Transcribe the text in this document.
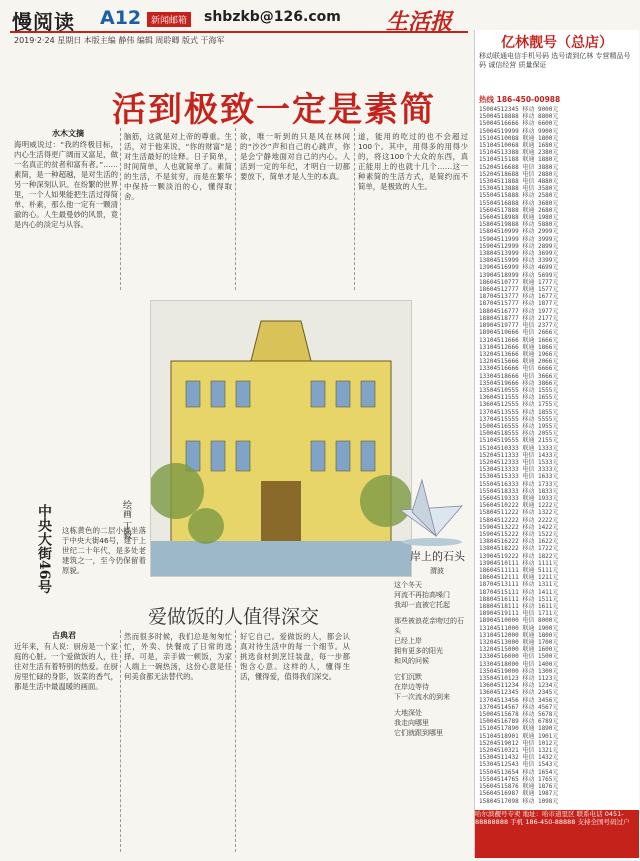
慢阅读 A12	新闻邮箱 shbzkb@126.com 生活报
2019·2·24 星期日 本版主编 静伟 编辑 周聆卿 版式 于海军
活到极致一定是素简
水木文摘
海明威说过：“我的终极目标，内心生活得更广阔而又富足，做一名真正的贫者和富有者。”……素简，是一种超越，是对生活的另一种深刻认识。在纷繁的世界里，一个人如果能把生活过得简单、朴素，那么他一定有一颗清澈的心。人生最曼妙的风景，竟是内心的淡定与从容。
脑筋，这就是对上帝的尊重。生活，对于他来说，“你的财富”是对生活最好的诠释。日子简单，时间简单，人也就简单了。素简的生活，不是贫穷，而是在繁华中保持一颗淡泊的心，懂得取舍。
欲，唯一听到的只是风在林间的“沙沙”声和自己的心跳声，你是会宁静地面对自己的内心。人活到一定的年纪，才明白一切都要放下，简单才是人生的本真。
道，能用的吃过的也不会超过100个。其中，用得多的用得少的，将这100个大众的东西，真正能用上的也就十几个……这一种素简的生活方式，是简约而不简单，是极致的人生。
中央大街46号	绘画 丁毅
这栋黄色的二层小楼坐落于中央大街46号，建于上世纪二十年代，是多处老建筑之一，至今仍保留着原貌。
岸上的石头
渭波
这个冬天
河流不再抬高嗓门
我却一直被它托起
那些被浪花亲吻过的石头
已经上岸
拥有更多的阳光
和风的问候
它们沉默
在岸边等待
下一次流水的到来
大地深处
我走向哪里
它们就跟到哪里
爱做饭的人值得深交
古典君
近年来，有人说：厨房是一个家庭的心脏。一个爱做饭的人，往往对生活有着特别的热爱。在厨房里忙碌的身影，饭菜的香气，都是生活中最温暖的画面。
然而很多时候，我们总是匆匆忙忙，外卖、快餐成了日常的选择。可是，亲手做一顿饭，为家人端上一碗热汤，这份心意是任何美食都无法替代的。
好它自己。爱做饭的人，都会认真对待生活中的每一个细节。从挑选食材到烹饪装盘，每一步都饱含心意。这样的人，懂得生活，懂得爱，值得我们深交。
亿林靓号（总店）
移动联通电信手机号码 选号请到亿林 专营精品号码 诚信经营 质量保证
热线 186-450-00988
15004512345 移动 9000元
15004518888 移动 8800元
15004516666 移动 6600元
15004519999 移动 9900元
15104510088 联通 1800元
15104510068 联通 1680元
15104513388 联通 2380元
15104515188 联通 1880元
15204516688 电信 3880元
15204518688 电信 2880元
15304511888 电信 4880元
15304513888 电信 3580元
15504515888 移动 2580元
15504516888 移动 3680元
15604517888 联通 2680元
15604518988 联通 1980元
15804519888 移动 5880元
15804510999 移动 2999元
15904511999 移动 3999元
15904512999 移动 2899元
13804513999 移动 3699元
13804515999 移动 3399元
13904516999 移动 4699元
13904518999 移动 5699元
18604510777 联通 1777元
18604512777 联通 1577元
18704513777 移动 1677元
18704515777 移动 1877元
18804516777 移动 1977元
18804518777 移动 2177元
18904519777 电信 2377元
18904510666 电信 2666元
13104511666 联通 1666元
13104512666 联通 1866元
13204513666 联通 1966元
13204515666 联通 2066元
13304516666 电信 6666元
13304518666 电信 3666元
13504519666 移动 3866元
13504510555 移动 1555元
13604511555 移动 1655元
13604512555 移动 1755元
13704513555 移动 1855元
13704515555 移动 5555元
15004516555 移动 1955元
15004518555 移动 2055元
15104519555 联通 2155元
15104510333 联通 1333元
15204511333 电信 1433元
15204512333 电信 1533元
15304513333 电信 3333元
15304515333 电信 1633元
15504516333 移动 1733元
15504518333 移动 1833元
15604519333 联通 1933元
15604510222 联通 1222元
15804511222 移动 1322元
15804512222 移动 2222元
15904513222 移动 1422元
15904515222 移动 1522元
13804516222 移动 1622元
13804518222 移动 1722元
13904519222 移动 1822元
13904510111 移动 1111元
18604511111 联通 5111元
18604512111 联通 1211元
18704513111 移动 1311元
18704515111 移动 1411元
18804516111 移动 1511元
18804518111 移动 1611元
18904519111 电信 1711元
18904510000 电信 8000元
13104511000 联通 1900元
13104512000 联通 1800元
13204513000 联通 1700元
13204515000 联通 1600元
13304516000 电信 1500元
13304518000 电信 1400元
13504519000 移动 1300元
13504510123 移动 1123元
13604511234 移动 1234元
13604512345 移动 2345元
13704513456 移动 3456元
13704514567 移动 4567元
15004515678 移动 5678元
15004516789 移动 6789元
15104517890 联通 1890元
15104518901 联通 1901元
15204519012 电信 1012元
15204510321 电信 1321元
15304511432 电信 1432元
15304512543 电信 1543元
15504513654 移动 1654元
15504514765 移动 1765元
15604515876 联通 1876元
15604516987 联通 1987元
15804517098 移动 1098元
哈尔滨靓号专卖 地址：哈市道里区 联系电话 0451-88888888 手机 186-450-88888 支持全国号码过户
